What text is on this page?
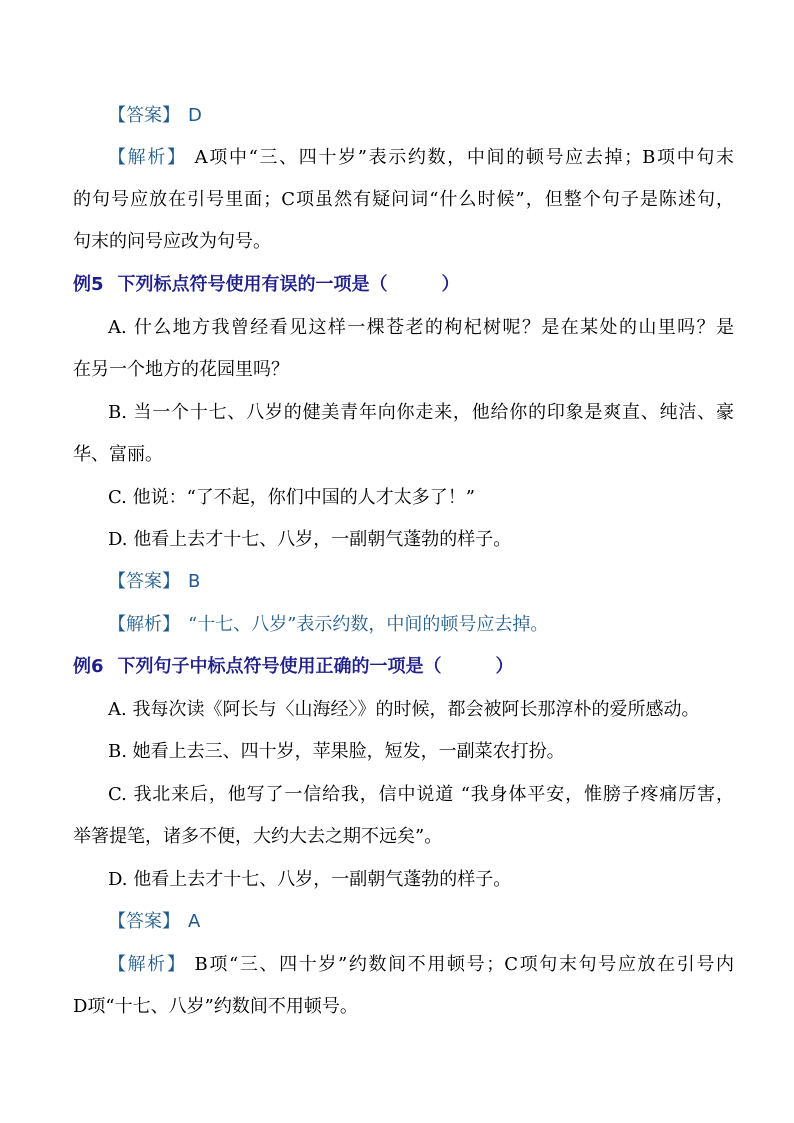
【答案】 D
【解析】 A项中“三、四十岁”表示约数，中间的顿号应去掉；B项中句末
的句号应放在引号里面；C项虽然有疑问词“什么时候”，但整个句子是陈述句，
句末的问号应改为句号。
例5 下列标点符号使用有误的一项是（　　　）
A. 什么地方我曾经看见这样一棵苍老的枸杞树呢？是在某处的山里吗？是
在另一个地方的花园里吗？
B. 当一个十七、八岁的健美青年向你走来，他给你的印象是爽直、纯洁、豪
华、富丽。
C. 他说：“了不起，你们中国的人才太多了！”
D. 他看上去才十七、八岁，一副朝气蓬勃的样子。
【答案】 B
【解析】 “十七、八岁”表示约数，中间的顿号应去掉。
例6 下列句子中标点符号使用正确的一项是（　　　）
A. 我每次读《阿长与〈山海经〉》的时候，都会被阿长那淳朴的爱所感动。
B. 她看上去三、四十岁，苹果脸，短发，一副菜农打扮。
C. 我北来后，他写了一信给我，信中说道 “我身体平安，惟膀子疼痛厉害，
举箸提笔，诸多不便，大约大去之期不远矣”。
D. 他看上去才十七、八岁，一副朝气蓬勃的样子。
【答案】 A
【解析】 B项“三、四十岁”约数间不用顿号；C项句末句号应放在引号内
D项“十七、八岁”约数间不用顿号。
